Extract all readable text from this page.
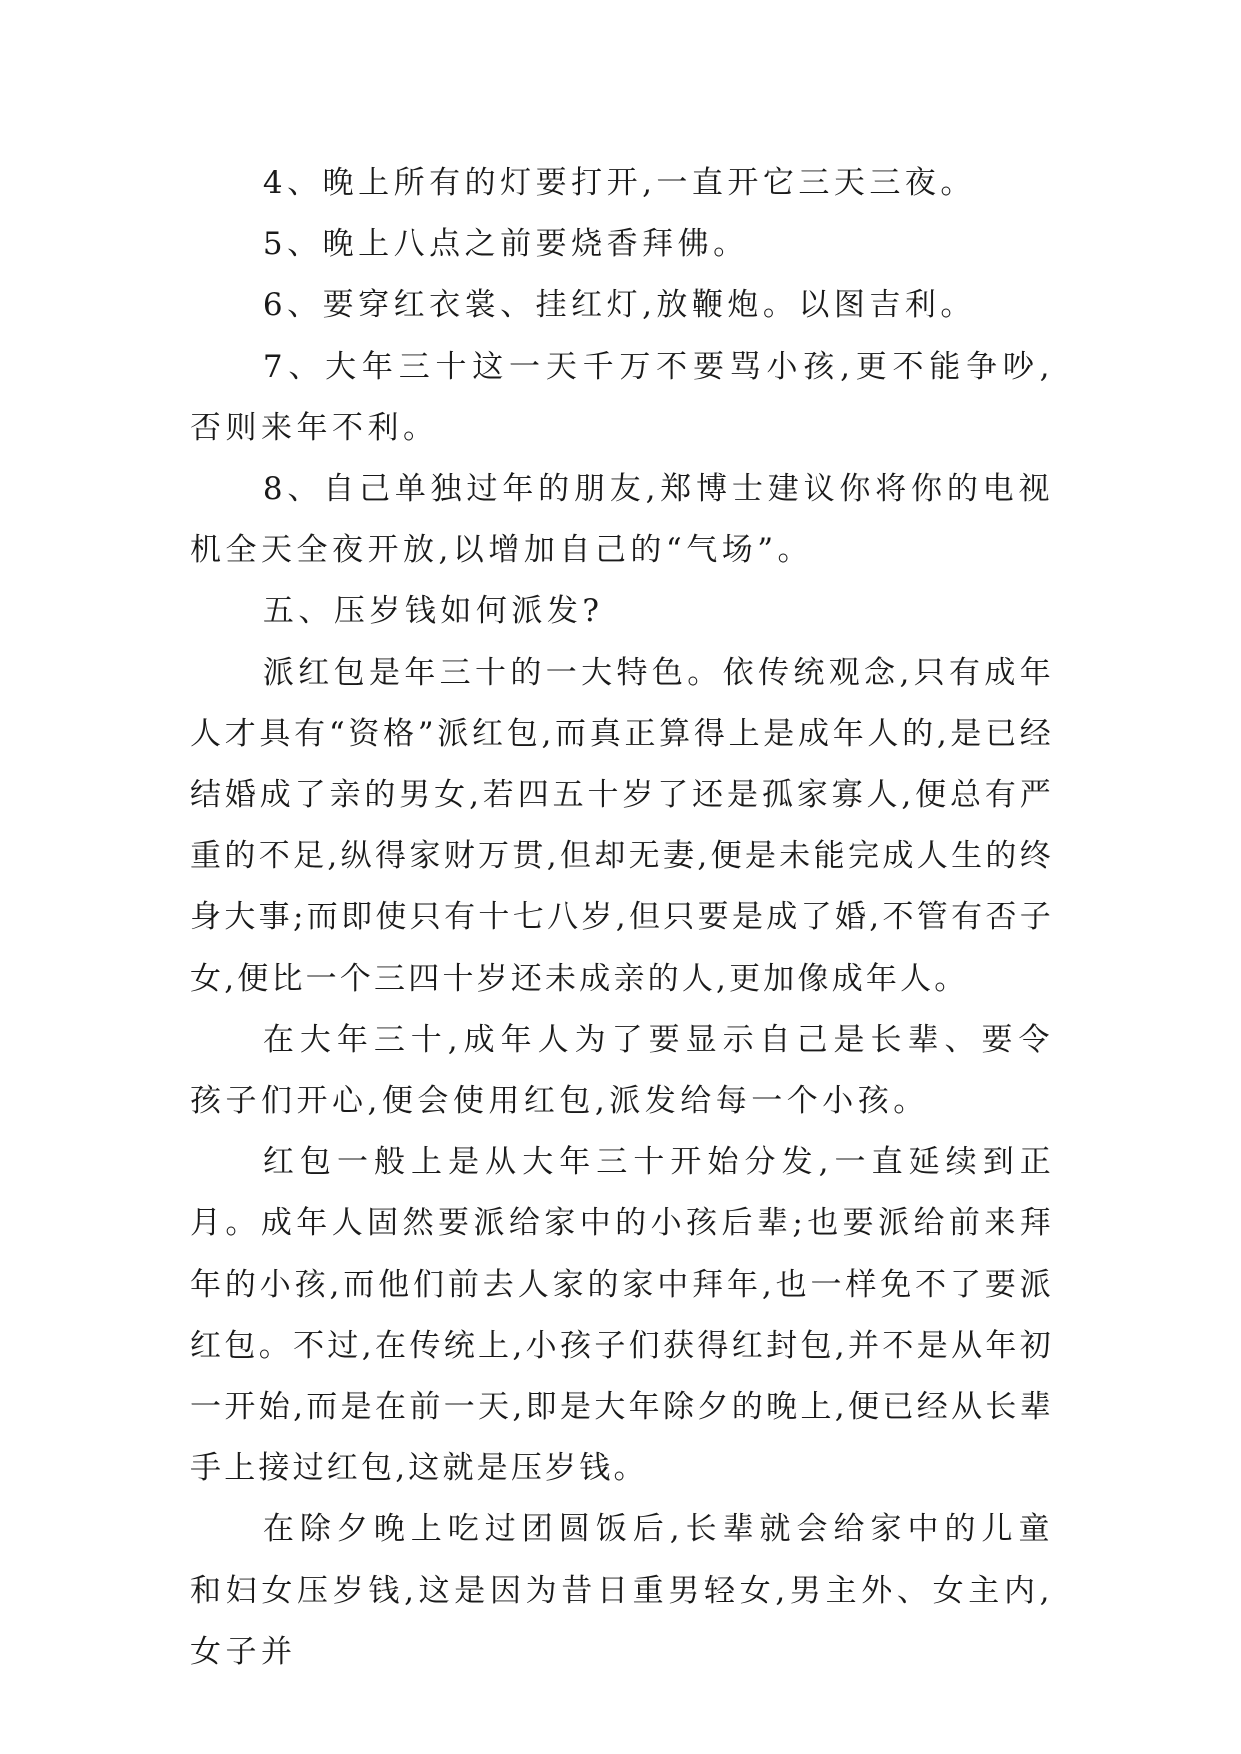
4、晚上所有的灯要打开,一直开它三天三夜。

5、晚上八点之前要烧香拜佛。

6、要穿红衣裳、挂红灯,放鞭炮。以图吉利。

7、大年三十这一天千万不要骂小孩,更不能争吵,否则来年不利。

8、自己单独过年的朋友,郑博士建议你将你的电视机全天全夜开放,以增加自己的“气场”。

五、压岁钱如何派发?

派红包是年三十的一大特色。依传统观念,只有成年人才具有“资格”派红包,而真正算得上是成年人的,是已经结婚成了亲的男女,若四五十岁了还是孤家寡人,便总有严重的不足,纵得家财万贯,但却无妻,便是未能完成人生的终身大事;而即使只有十七八岁,但只要是成了婚,不管有否子女,便比一个三四十岁还未成亲的人,更加像成年人。

在大年三十,成年人为了要显示自己是长辈、要令孩子们开心,便会使用红包,派发给每一个小孩。

红包一般上是从大年三十开始分发,一直延续到正月。成年人固然要派给家中的小孩后辈;也要派给前来拜年的小孩,而他们前去人家的家中拜年,也一样免不了要派红包。不过,在传统上,小孩子们获得红封包,并不是从年初一开始,而是在前一天,即是大年除夕的晚上,便已经从长辈手上接过红包,这就是压岁钱。

在除夕晚上吃过团圆饭后,长辈就会给家中的儿童和妇女压岁钱,这是因为昔日重男轻女,男主外、女主内,女子并
